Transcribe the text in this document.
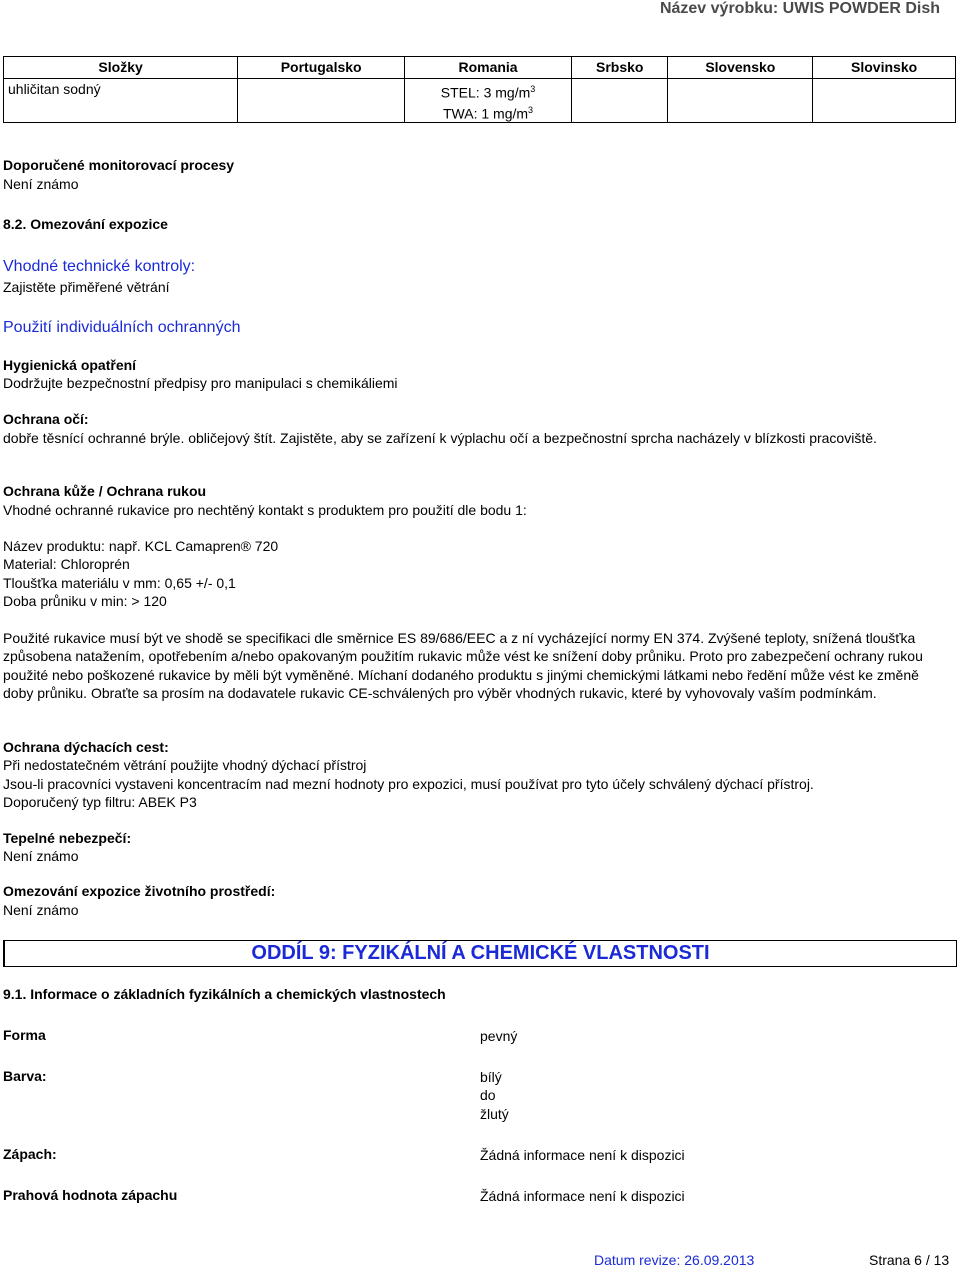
Název výrobku: UWIS POWDER Dish
Složky	Portugalsko	Romania	Srbsko	Slovensko	Slovinsko
uhličitan sodný		STEL: 3 $mg/m^3$
TWA: 1 $mg/m^3$

Doporučené monitorovací procesy
Není známo
8.2. Omezování expozice
Vhodné technické kontroly:
Zajistěte přiměřené větrání
Použití individuálních ochranných
Hygienická opatření
Dodržujte bezpečnostní předpisy pro manipulaci s chemikáliemi
Ochrana očí:
dobře těsnící ochranné brýle. obličejový štít. Zajistěte, aby se zařízení k výplachu očí a bezpečnostní sprcha nacházely v blízkosti pracoviště.
Ochrana kůže / Ochrana rukou
Vhodné ochranné rukavice pro nechtěný kontakt s produktem pro použití dle bodu 1:
Název produktu: např. KCL Camapren® 720
Material: Chloroprén
Tloušťka materiálu v mm: 0,65 +/- 0,1
Doba průniku v min: > 120
Použité rukavice musí být ve shodě se specifikaci dle směrnice ES 89/686/EEC a z ní vycházející normy EN 374. Zvýšené teploty, snížená tloušťka způsobena natažením, opotřebením a/nebo opakovaným použitím rukavic může vést ke snížení doby průniku. Proto pro zabezpečení ochrany rukou použité nebo poškozené rukavice by měli být vyměněné. Míchaní dodaného produktu s jinými chemickými látkami nebo ředění může vést ke změně doby průniku. Obraťte sa prosím na dodavatele rukavic CE-schválených pro výběr vhodných rukavic, které by vyhovovaly vaším podmínkám.
Ochrana dýchacích cest:
Při nedostatečném větrání použijte vhodný dýchací přístroj
Jsou-li pracovníci vystaveni koncentracím nad mezní hodnoty pro expozici, musí používat pro tyto účely schválený dýchací přístroj.
Doporučený typ filtru: ABEK P3
Tepelné nebezpečí:
Není známo
Omezování expozice životního prostředí:
Není známo
ODDÍL 9: FYZIKÁLNÍ A CHEMICKÉ VLASTNOSTI
9.1. Informace o základních fyzikálních a chemických vlastnostech
Forma	pevný
Barva:	bílý
do
žlutý
Zápach:	Žádná informace není k dispozici
Prahová hodnota zápachu	Žádná informace není k dispozici
Datum revize: 26.09.2013	Strana 6 / 13
